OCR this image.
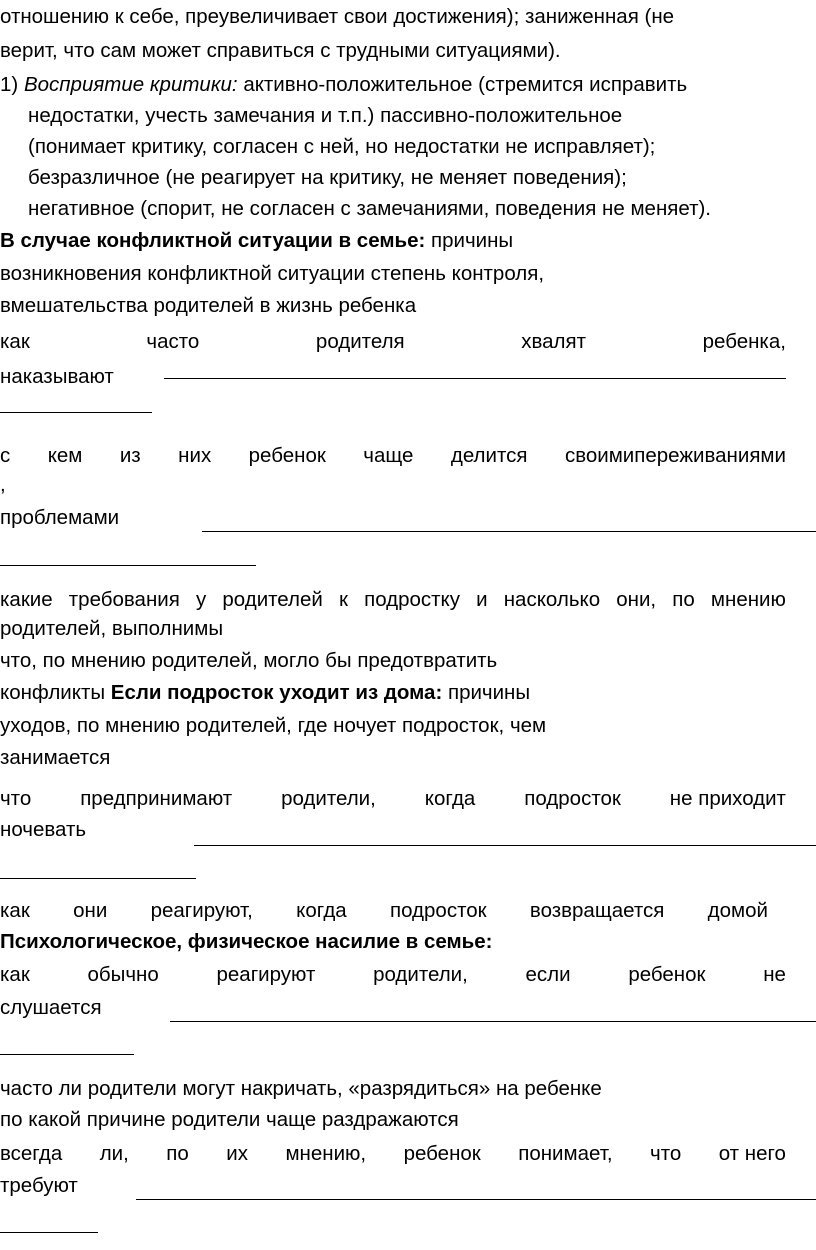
отношению к себе, преувеличивает свои достижения); заниженная (не
верит, что сам может справиться с трудными ситуациями).
1) Восприятие критики: активно-положительное (стремится исправить
недостатки, учесть замечания и т.п.) пассивно-положительное
(понимает критику, согласен с ней, но недостатки не исправляет);
безразличное (не реагирует на критику, не меняет поведения);
негативное (спорит, не согласен с замечаниями, поведения не меняет).
В случае конфликтной ситуации в семье: причины
возникновения конфликтной ситуации степень контроля,
вмешательства родителей в жизнь ребенка
как	часто	родителя	хвалят	ребенка,
наказывают
с кем из них ребенок чаще делится своимипереживаниями
,
проблемами
какие требования у родителей к подростку и насколько они, по мнению
родителей, выполнимы
что, по мнению родителей, могло бы предотвратить
конфликты Если подросток уходит из дома: причины
уходов, по мнению родителей, где ночует подросток, чем
занимается
что предпринимают родители, когда подросток не приходит
ночевать
как они реагируют, когда подросток возвращается домой
Психологическое, физическое насилие в семье:
как	обычно	реагируют	родители,	если	ребенок	не
слушается
часто ли родители могут накричать, «разрядиться» на ребенке
по какой причине родители чаще раздражаются
всегда ли, по их мнению, ребенок понимает, что от него
требуют
